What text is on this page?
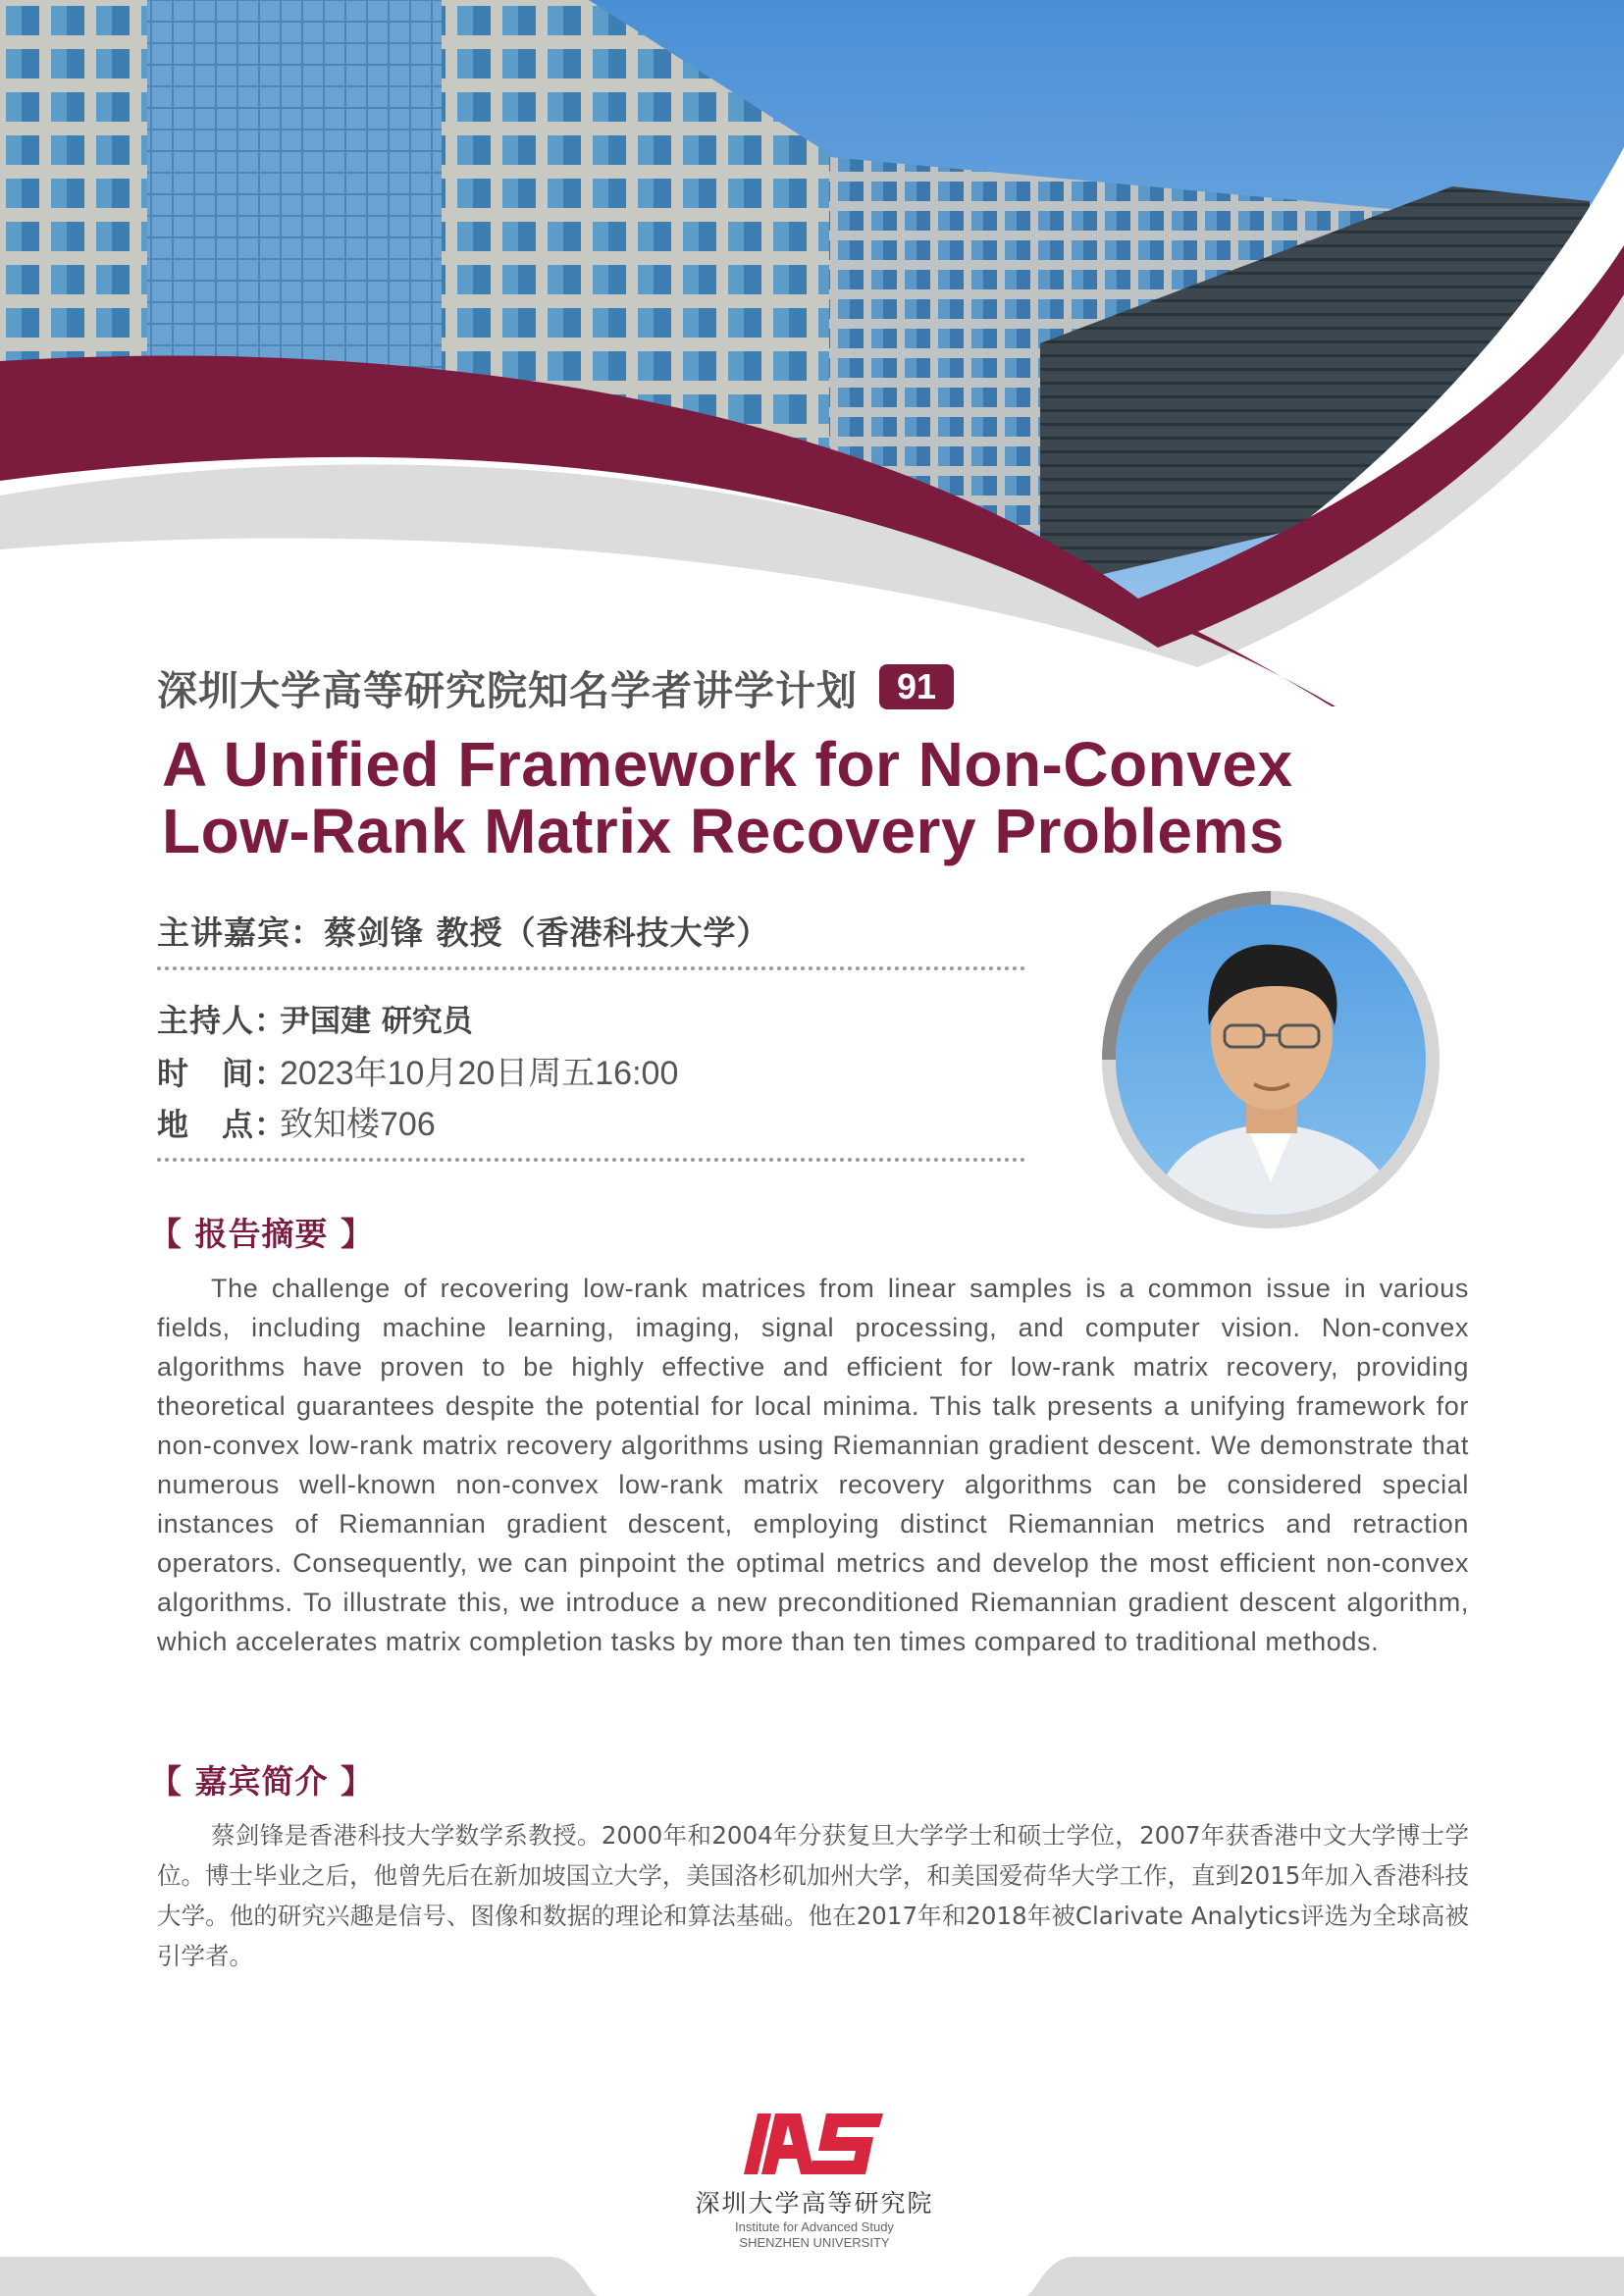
深圳大学高等研究院知名学者讲学计划	91
A Unified Framework for Non-Convex
Low-Rank Matrix Recovery Problems
主讲嘉宾：蔡剑锋 教授（香港科技大学）
主持人：
尹国建 研究员
时　间：
2023年10月20日周五16:00
地　点：
致知楼706
【 报告摘要 】

The challenge of recovering low-rank matrices from linear samples is a common issue in various fields, including machine learning, imaging, signal processing, and computer vision. Non-convex algorithms have proven to be highly effective and efficient for low-rank matrix recovery, providing theoretical guarantees despite the potential for local minima. This talk presents a unifying framework for non-convex low-rank matrix recovery algorithms using Riemannian gradient descent. We demonstrate that numerous well-known non-convex low-rank matrix recovery algorithms can be considered special instances of Riemannian gradient descent, employing distinct Riemannian metrics and retraction operators. Consequently, we can pinpoint the optimal metrics and develop the most efficient non-convex algorithms. To illustrate this, we introduce a new preconditioned Riemannian gradient descent algorithm, which accelerates matrix completion tasks by more than ten times compared to traditional methods.

【 嘉宾简介 】

蔡剑锋是香港科技大学数学系教授。2000年和2004年分获复旦大学学士和硕士学位，2007年获香港中文大学博士学位。博士毕业之后，他曾先后在新加坡国立大学，美国洛杉矶加州大学，和美国爱荷华大学工作，直到2015年加入香港科技大学。他的研究兴趣是信号、图像和数据的理论和算法基础。他在2017年和2018年被Clarivate Analytics评选为全球高被引学者。

深圳大学高等研究院
Institute for Advanced Study
SHENZHEN UNIVERSITY
